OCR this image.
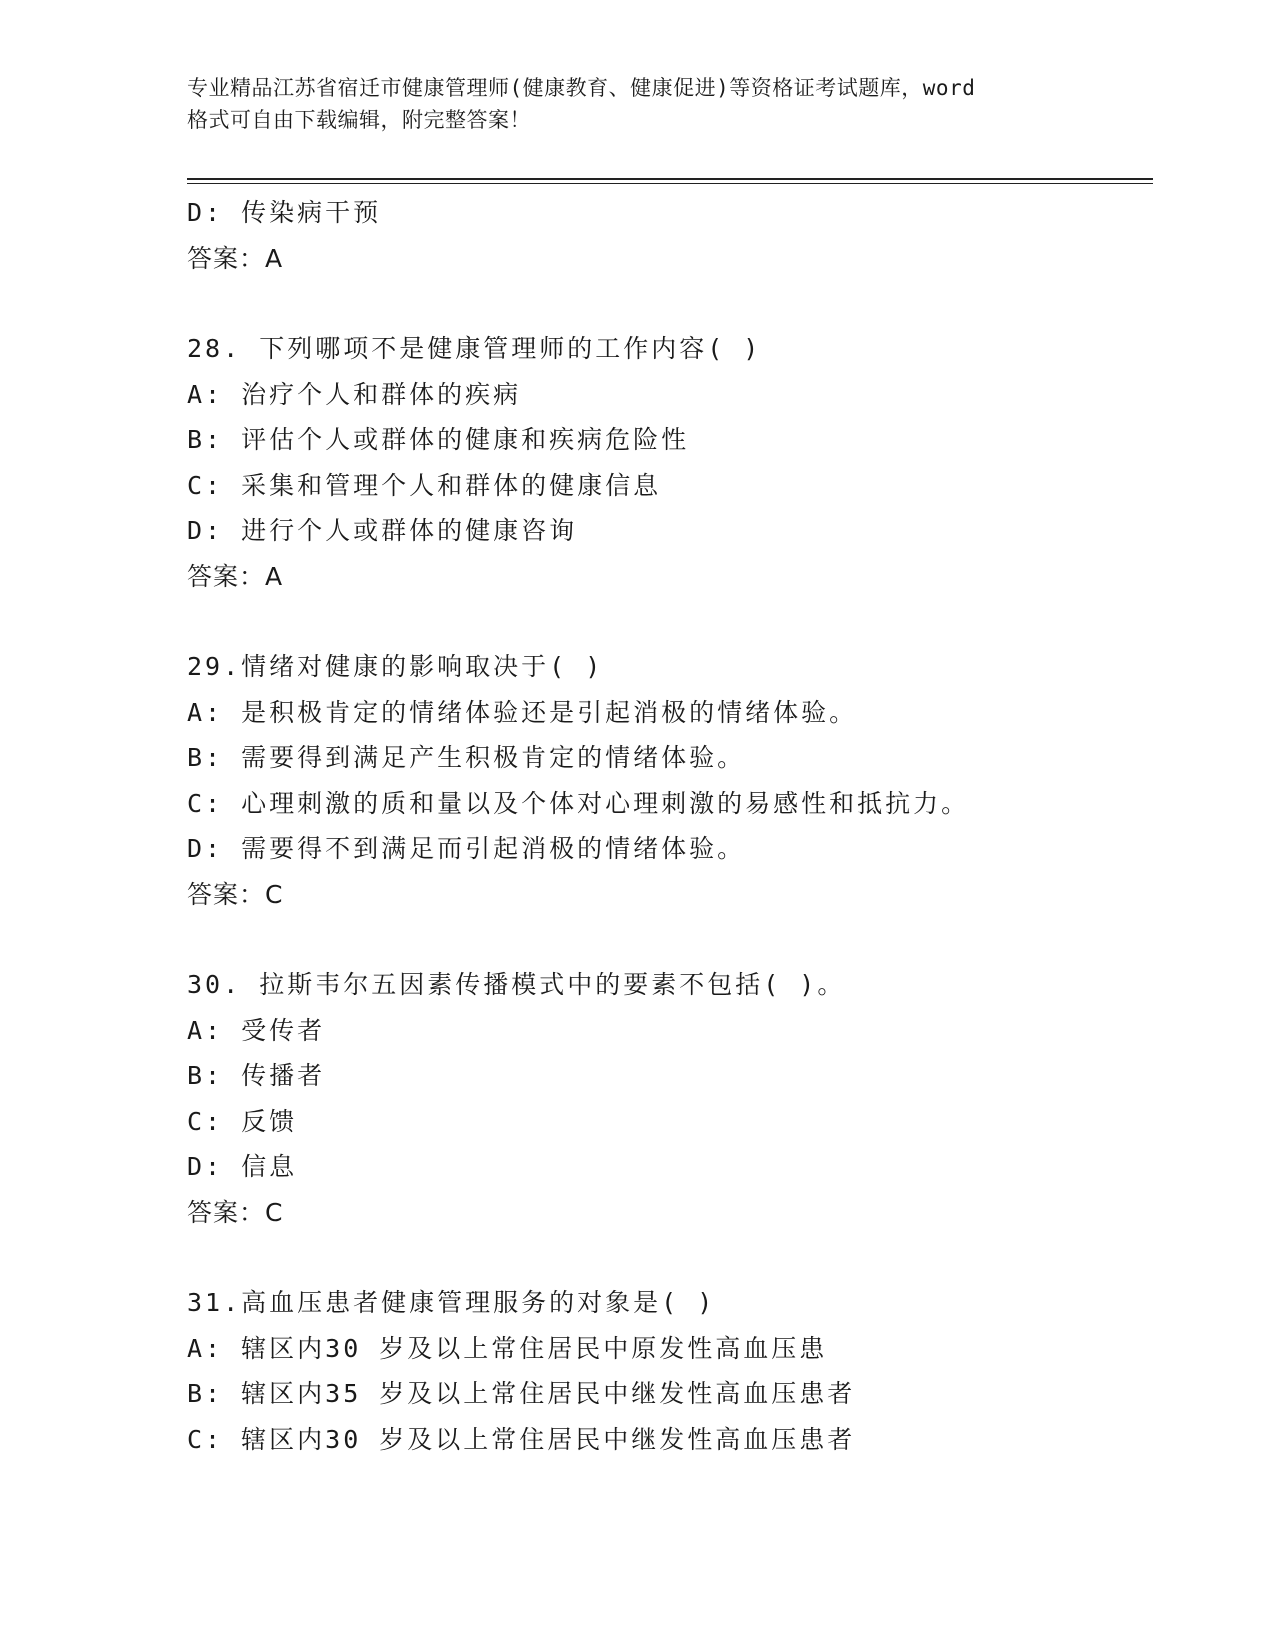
专业精品江苏省宿迁市健康管理师(健康教育、健康促进)等资格证考试题库，word
格式可自由下载编辑，附完整答案！
D: 传染病干预
答案：A
28. 下列哪项不是健康管理师的工作内容( )
A: 治疗个人和群体的疾病
B: 评估个人或群体的健康和疾病危险性
C: 采集和管理个人和群体的健康信息
D: 进行个人或群体的健康咨询
答案：A
29.情绪对健康的影响取决于( )
A: 是积极肯定的情绪体验还是引起消极的情绪体验。
B: 需要得到满足产生积极肯定的情绪体验。
C: 心理刺激的质和量以及个体对心理刺激的易感性和抵抗力。
D: 需要得不到满足而引起消极的情绪体验。
答案：C
30. 拉斯韦尔五因素传播模式中的要素不包括( )。
A: 受传者
B: 传播者
C: 反馈
D: 信息
答案：C
31.高血压患者健康管理服务的对象是( )
A: 辖区内30 岁及以上常住居民中原发性高血压患
B: 辖区内35 岁及以上常住居民中继发性高血压患者
C: 辖区内30 岁及以上常住居民中继发性高血压患者
